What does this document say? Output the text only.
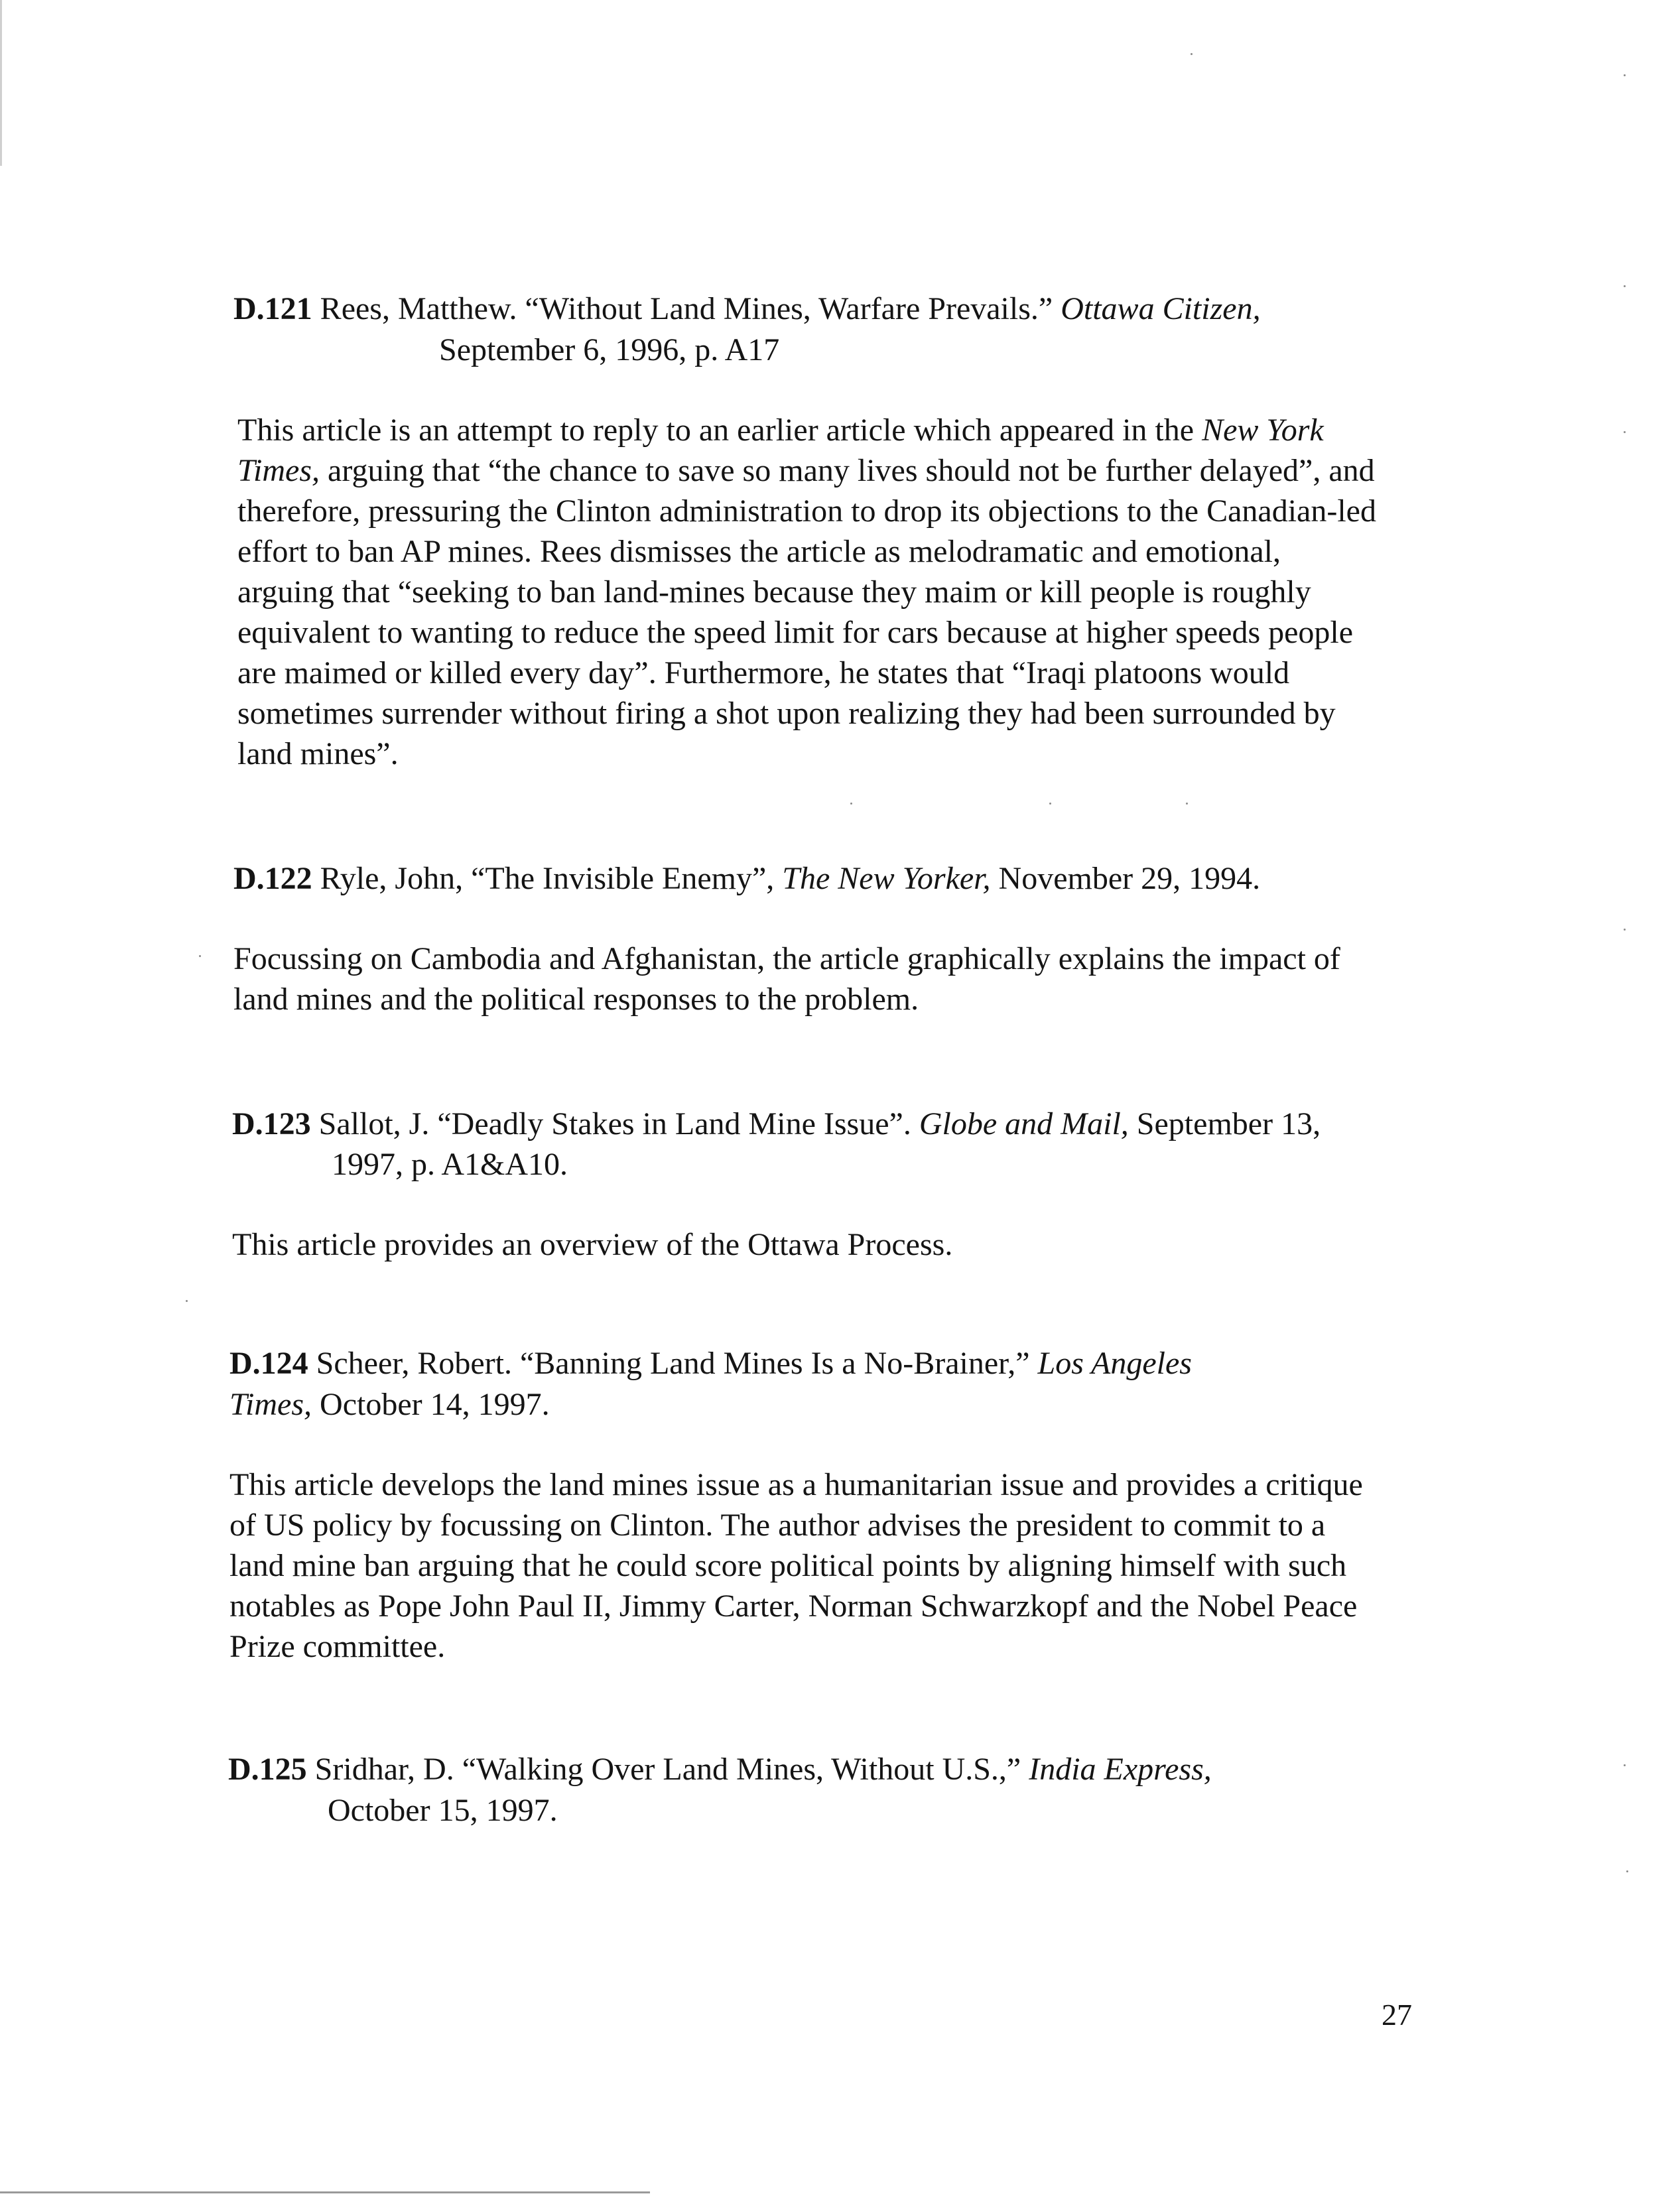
D.121 Rees, Matthew. “Without Land Mines, Warfare Prevails.” Ottawa Citizen,

September 6, 1996, p. A17

This article is an attempt to reply to an earlier article which appeared in the New York
Times, arguing that “the chance to save so many lives should not be further delayed”, and
therefore, pressuring the Clinton administration to drop its objections to the Canadian-led
effort to ban AP mines. Rees dismisses the article as melodramatic and emotional,
arguing that “seeking to ban land-mines because they maim or kill people is roughly
equivalent to wanting to reduce the speed limit for cars because at higher speeds people
are maimed or killed every day”. Furthermore, he states that “Iraqi platoons would
sometimes surrender without firing a shot upon realizing they had been surrounded by
land mines”.

D.122 Ryle, John, “The Invisible Enemy”, The New Yorker, November 29, 1994.

Focussing on Cambodia and Afghanistan, the article graphically explains the impact of
land mines and the political responses to the problem.

D.123 Sallot, J. “Deadly Stakes in Land Mine Issue”. Globe and Mail, September 13,

1997, p. A1&A10.

This article provides an overview of the Ottawa Process.

D.124 Scheer, Robert. “Banning Land Mines Is a No-Brainer,” Los Angeles

Times, October 14, 1997.

This article develops the land mines issue as a humanitarian issue and provides a critique
of US policy by focussing on Clinton. The author advises the president to commit to a
land mine ban arguing that he could score political points by aligning himself with such
notables as Pope John Paul II, Jimmy Carter, Norman Schwarzkopf and the Nobel Peace
Prize committee.

D.125 Sridhar, D. “Walking Over Land Mines, Without U.S.,” India Express,

October 15, 1997.

27
